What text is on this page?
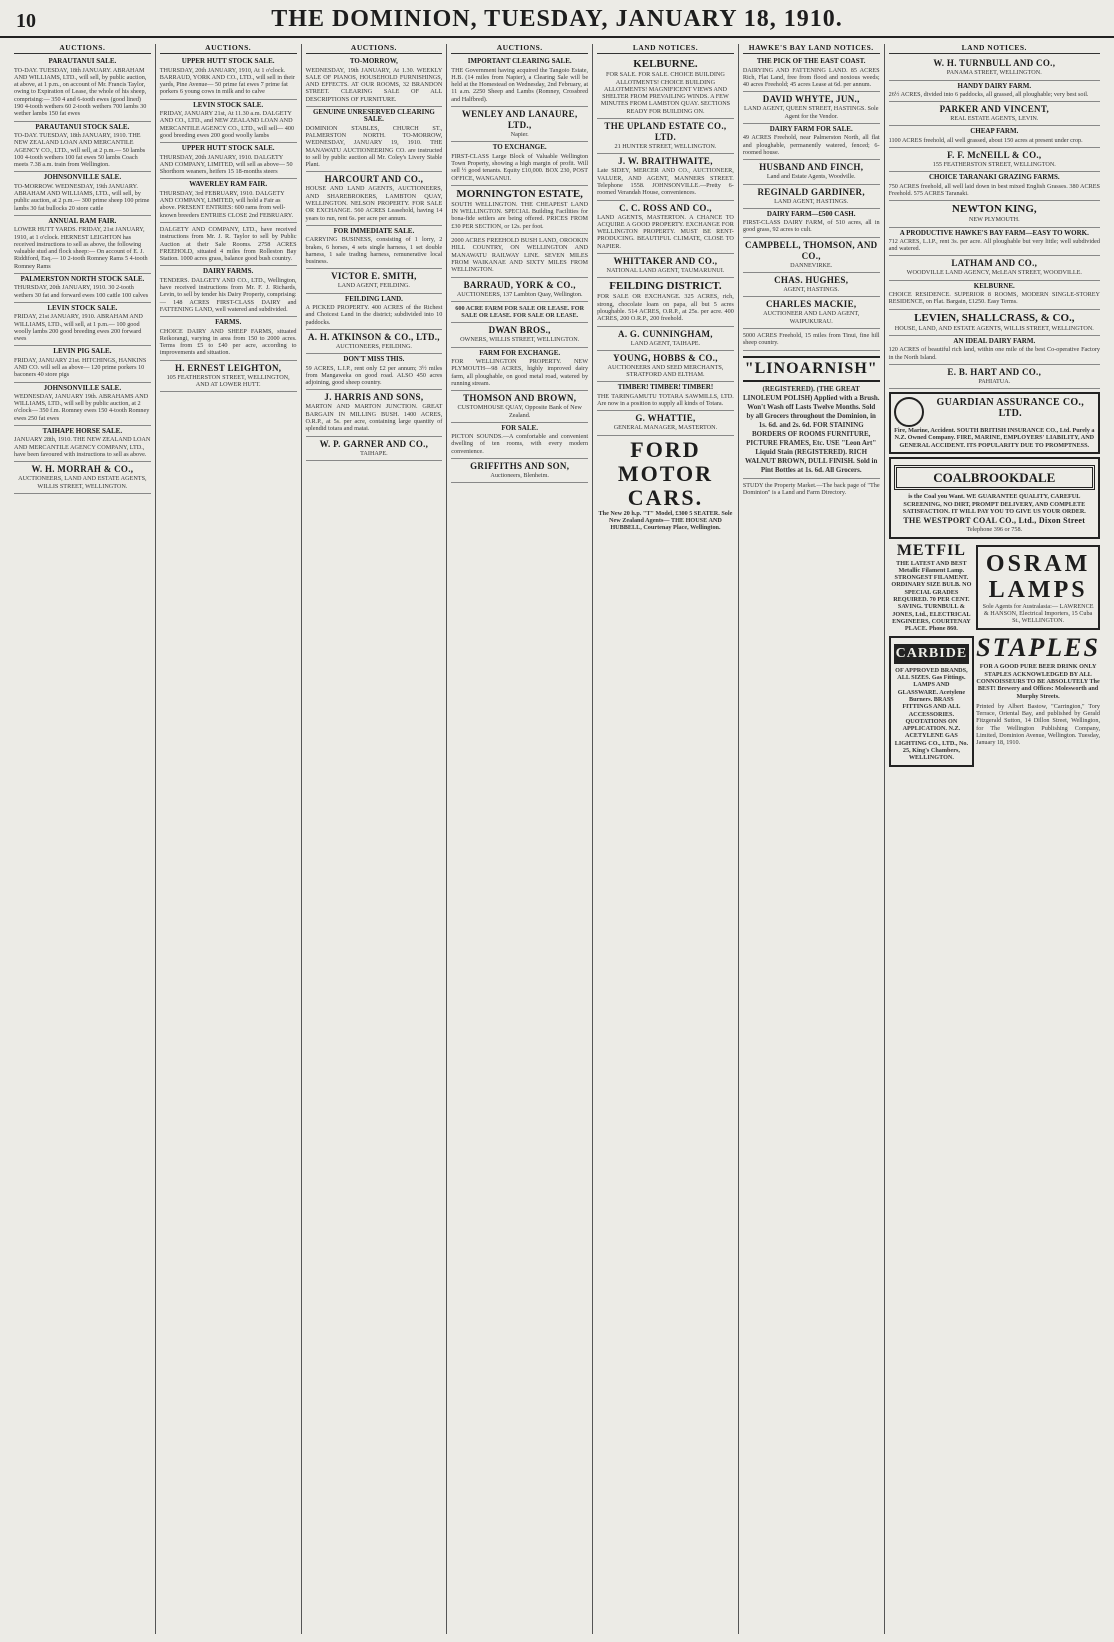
10	THE DOMINION, TUESDAY, JANUARY 18, 1910.
AUCTIONS.
PARAUTANUI SALE.
TO-DAY. TUESDAY, 18th JANUARY. ABRAHAM AND WILLIAMS, LTD., will sell, by public auction, at above, at 1 p.m., on account of Mr. Francis Taylor, owing to Expiration of Lease, the whole of his sheep, comprising:— 350 4 and 6-tooth ewes (good lined) 190 4-tooth wethers 60 2-tooth wethers 700 lambs 30 wether lambs 150 fat ewes
PARAUTANUI STOCK SALE.
TO-DAY. TUESDAY, 18th JANUARY, 1910. THE NEW ZEALAND LOAN AND MERCANTILE AGENCY CO., LTD., will sell, at 2 p.m.— 50 lambs 100 4-tooth wethers 100 fat ewes 50 lambs Coach meets 7.38 a.m. train from Wellington.
JOHNSONVILLE SALE.
TO-MORROW. WEDNESDAY, 19th JANUARY. ABRAHAM AND WILLIAMS, LTD., will sell, by public auction, at 2 p.m.— 300 prime sheep 100 prime lambs 30 fat bullocks 20 store cattle
ANNUAL RAM FAIR.
LOWER HUTT YARDS. FRIDAY, 21st JANUARY, 1910, at 1 o'clock. HERNEST LEIGHTON has received instructions to sell as above, the following valuable stud and flock sheep:— On account of E. J. Riddiford, Esq.— 10 2-tooth Romney Rams 5 4-tooth Romney Rams
PALMERSTON NORTH STOCK SALE.
THURSDAY, 20th JANUARY, 1910. 30 2-tooth wethers 30 fat and forward ewes 100 cattle 100 calves
LEVIN STOCK SALE.
FRIDAY, 21st JANUARY, 1910. ABRAHAM AND WILLIAMS, LTD., will sell, at 1 p.m.— 100 good woolly lambs 200 good breeding ewes 200 forward ewes
LEVIN PIG SALE.
FRIDAY, JANUARY 21st. HITCHINGS, HANKINS AND CO. will sell as above— 120 prime porkers 10 baconers 40 store pigs
JOHNSONVILLE SALE.
WEDNESDAY, JANUARY 19th. ABRAHAMS AND WILLIAMS, LTD., will sell by public auction, at 2 o'clock— 350 f.m. Romney ewes 150 4-tooth Romney ewes 250 fat ewes
TAIHAPE HORSE SALE.
JANUARY 28th, 1910. THE NEW ZEALAND LOAN AND MERCANTILE AGENCY COMPANY, LTD., have been favoured with instructions to sell as above.
W. H. MORRAH & CO.,
AUCTIONEERS, LAND AND ESTATE AGENTS, WILLIS STREET, WELLINGTON.
AUCTIONS.
UPPER HUTT STOCK SALE.
THURSDAY, 20th JANUARY, 1910, At 1 o'clock. BARRAUD, YORK AND CO., LTD., will sell in their yards, Pine Avenue— 50 prime fat ewes 7 prime fat porkers 6 young cows in milk and to calve
LEVIN STOCK SALE.
FRIDAY, JANUARY 21st, At 11.30 a.m. DALGETY AND CO., LTD., and NEW ZEALAND LOAN AND MERCANTILE AGENCY CO., LTD., will sell— 400 good breeding ewes 200 good woolly lambs
UPPER HUTT STOCK SALE.
THURSDAY, 20th JANUARY, 1910. DALGETY AND COMPANY, LIMITED, will sell as above— 50 Shorthorn weaners, heifers 15 18-months steers
WAVERLEY RAM FAIR.
THURSDAY, 3rd FEBRUARY, 1910. DALGETY AND COMPANY, LIMITED, will hold a Fair as above. PRESENT ENTRIES: 600 rams from well-known breeders ENTRIES CLOSE 2nd FEBRUARY.
DALGETY AND COMPANY, LTD., have received instructions from Mr. J. R. Taylor to sell by Public Auction at their Sale Rooms. 2758 ACRES FREEHOLD, situated 4 miles from Rolleston Bay Station. 1000 acres grass, balance good bush country.
DAIRY FARMS.
TENDERS. DALGETY AND CO., LTD., Wellington, have received instructions from Mr. F. J. Richards, Levin, to sell by tender his Dairy Property, comprising:— 148 ACRES FIRST-CLASS DAIRY and FATTENING LAND, well watered and subdivided.
FARMS.
CHOICE DAIRY AND SHEEP FARMS, situated Reikorangi, varying in area from 150 to 2000 acres. Terms from £5 to £40 per acre, according to improvements and situation.
H. ERNEST LEIGHTON,
105 FEATHERSTON STREET, WELLINGTON, AND AT LOWER HUTT.
AUCTIONS.
TO-MORROW,
WEDNESDAY, 19th JANUARY, At 1.30. WEEKLY SALE OF PIANOS, HOUSEHOLD FURNISHINGS, AND EFFECTS. AT OUR ROOMS, 32 BRANDON STREET. CLEARING SALE OF ALL DESCRIPTIONS OF FURNITURE.
GENUINE UNRESERVED CLEARING SALE.
DOMINION STABLES, CHURCH ST., PALMERSTON NORTH. TO-MORROW, WEDNESDAY, JANUARY 19, 1910. THE MANAWATU AUCTIONEERING CO. are instructed to sell by public auction all Mr. Coley's Livery Stable Plant.
HARCOURT AND CO.,
HOUSE AND LAND AGENTS, AUCTIONEERS, AND SHAREBROKERS, LAMBTON QUAY, WELLINGTON. NELSON PROPERTY. FOR SALE OR EXCHANGE. 560 ACRES Leasehold, having 14 years to run, rent 6s. per acre per annum.
FOR IMMEDIATE SALE.
CARRYING BUSINESS, consisting of 1 lorry, 2 brakes, 6 horses, 4 sets single harness, 1 set double harness, 1 sale trading harness, remunerative local business.
VICTOR E. SMITH,
LAND AGENT, FEILDING.
FEILDING LAND.
A PICKED PROPERTY. 400 ACRES of the Richest and Choicest Land in the district; subdivided into 10 paddocks.
A. H. ATKINSON & CO., LTD.,
AUCTIONEERS, FEILDING.
DON'T MISS THIS.
59 ACRES, L.I.P., rent only £2 per annum; 3½ miles from Mangaweka on good road. ALSO 450 acres adjoining, good sheep country.
J. HARRIS AND SONS,
MARTON AND MARTON JUNCTION. GREAT BARGAIN IN MILLING BUSH. 1400 ACRES, O.R.P., at 5s. per acre, containing large quantity of splendid totara and matai.
W. P. GARNER AND CO.,
TAIHAPE.
AUCTIONS.
IMPORTANT CLEARING SALE.
THE Government having acquired the Tangoio Estate, H.B. (14 miles from Napier), a Clearing Sale will be held at the Homestead on Wednesday, 2nd February, at 11 a.m. 2250 Sheep and Lambs (Romney, Crossbred and Halfbred).
WENLEY AND LANAURE, LTD.,
Napier.
TO EXCHANGE.
FIRST-CLASS Large Block of Valuable Wellington Town Property, showing a high margin of profit. Will sell ½ good tenants. Equity £10,000. BOX 230, POST OFFICE, WANGANUI.
MORNINGTON ESTATE,
SOUTH WELLINGTON. THE CHEAPEST LAND IN WELLINGTON. SPECIAL Building Facilities for bona-fide settlers are being offered. PRICES FROM £30 PER SECTION, or 12s. per foot.
2000 ACRES FREEHOLD BUSH LAND, OROOKIN HILL COUNTRY, ON WELLINGTON AND MANAWATU RAILWAY LINE. SEVEN MILES FROM WAIKANAE AND SIXTY MILES FROM WELLINGTON.
BARRAUD, YORK & CO.,
AUCTIONEERS, 137 Lambton Quay, Wellington.
600 ACRE FARM FOR SALE OR LEASE. FOR SALE OR LEASE. FOR SALE OR LEASE.
DWAN BROS.,
OWNERS, WILLIS STREET, WELLINGTON.
FARM FOR EXCHANGE.
FOR WELLINGTON PROPERTY. NEW PLYMOUTH—98 ACRES, highly improved dairy farm, all ploughable, on good metal road, watered by running stream.
THOMSON AND BROWN,
CUSTOMHOUSE QUAY, Opposite Bank of New Zealand.
FOR SALE.
PICTON SOUNDS.—A comfortable and convenient dwelling of ten rooms, with every modern convenience.
GRIFFITHS AND SON,
Auctioneers, Blenheim.
LAND NOTICES.
KELBURNE.
FOR SALE. FOR SALE. CHOICE BUILDING ALLOTMENTS! CHOICE BUILDING ALLOTMENTS! MAGNIFICENT VIEWS AND SHELTER FROM PREVAILING WINDS. A FEW MINUTES FROM LAMBTON QUAY. SECTIONS READY FOR BUILDING ON.
THE UPLAND ESTATE CO., LTD.
21 HUNTER STREET, WELLINGTON.
J. W. BRAITHWAITE,
Late SIDEY, MERCER AND CO., AUCTIONEER, VALUER, AND AGENT, MANNERS STREET. Telephone 1558. JOHNSONVILLE.—Pretty 6-roomed Verandah House, conveniences.
C. C. ROSS AND CO.,
LAND AGENTS, MASTERTON. A CHANCE TO ACQUIRE A GOOD PROPERTY. EXCHANGE FOR WELLINGTON PROPERTY. MUST BE RENT-PRODUCING. BEAUTIFUL CLIMATE, CLOSE TO NAPIER.
WHITTAKER AND CO.,
NATIONAL LAND AGENT, TAUMARUNUI.
FEILDING DISTRICT.
FOR SALE OR EXCHANGE. 325 ACRES, rich, strong, chocolate loam on papa, all but 5 acres ploughable. 514 ACRES, O.R.P., at 25s. per acre. 400 ACRES, 200 O.R.P., 200 freehold.
A. G. CUNNINGHAM,
LAND AGENT, TAIHAPE.
YOUNG, HOBBS & CO.,
AUCTIONEERS AND SEED MERCHANTS, STRATFORD AND ELTHAM.
TIMBER! TIMBER! TIMBER!
THE TARINGAMUTU TOTARA SAWMILLS, LTD. Are now in a position to supply all kinds of Totara.
G. WHATTIE,
GENERAL MANAGER, MASTERTON.
FORD MOTOR CARS.
The New 20 h.p. "T" Model, £300 5 SEATER. Sole New Zealand Agents— THE HOUSE AND HUBBELL, Courtenay Place, Wellington.
HAWKE'S BAY LAND NOTICES.
THE PICK OF THE EAST COAST.
DAIRYING AND FATTENING LAND. 85 ACRES Rich, Flat Land, free from flood and noxious weeds; 40 acres Freehold; 45 acres Lease at 6d. per annum.
DAVID WHYTE, JUN.,
LAND AGENT, QUEEN STREET, HASTINGS. Sole Agent for the Vendor.
DAIRY FARM FOR SALE.
49 ACRES Freehold, near Palmerston North, all flat and ploughable, permanently watered, fenced; 6-roomed house.
HUSBAND AND FINCH,
Land and Estate Agents, Woodville.
REGINALD GARDINER,
LAND AGENT, HASTINGS.
DAIRY FARM—£500 CASH.
FIRST-CLASS DAIRY FARM, of 510 acres, all in good grass, 92 acres to cult.
CAMPBELL, THOMSON, AND CO.,
DANNEVIRKE.
CHAS. HUGHES,
AGENT, HASTINGS.
CHARLES MACKIE,
AUCTIONEER AND LAND AGENT, WAIPUKURAU.
5000 ACRES Freehold, 15 miles from Tinui, fine hill sheep country.
"LINOARNISH"
(REGISTERED). (THE GREAT LINOLEUM POLISH) Applied with a Brush. Won't Wash off Lasts Twelve Months. Sold by all Grocers throughout the Dominion, in 1s. 6d. and 2s. 6d. FOR STAINING BORDERS OF ROOMS FURNITURE, PICTURE FRAMES, Etc. USE "Leon Art" Liquid Stain (REGISTERED). RICH WALNUT BROWN, DULL FINISH. Sold in Pint Bottles at 1s. 6d. All Grocers.
STUDY the Property Market.—The back page of "The Dominion" is a Land and Farm Directory.
LAND NOTICES.
W. H. TURNBULL AND CO.,
PANAMA STREET, WELLINGTON.
HANDY DAIRY FARM.
26½ ACRES, divided into 6 paddocks, all grassed, all ploughable; very best soil.
PARKER AND VINCENT,
REAL ESTATE AGENTS, LEVIN.
CHEAP FARM.
1100 ACRES freehold, all well grassed, about 150 acres at present under crop.
F. F. McNEILL & CO.,
155 FEATHERSTON STREET, WELLINGTON.
CHOICE TARANAKI GRAZING FARMS.
750 ACRES freehold, all well laid down in best mixed English Grasses. 380 ACRES Freehold. 575 ACRES Taranaki.
NEWTON KING,
NEW PLYMOUTH.
A PRODUCTIVE HAWKE'S BAY FARM—EASY TO WORK.
712 ACRES, L.I.P., rent 3s. per acre. All ploughable but very little; well subdivided and watered.
LATHAM AND CO.,
WOODVILLE LAND AGENCY, McLEAN STREET, WOODVILLE.
KELBURNE.
CHOICE RESIDENCE. SUPERIOR 8 ROOMS, MODERN SINGLE-STOREY RESIDENCE, on Flat. Bargain, £1250. Easy Terms.
LEVIEN, SHALLCRASS, & CO.,
HOUSE, LAND, AND ESTATE AGENTS, WILLIS STREET, WELLINGTON.
AN IDEAL DAIRY FARM.
120 ACRES of beautiful rich land, within one mile of the best Co-operative Factory in the North Island.
E. B. HART AND CO.,
PAHIATUA.
GUARDIAN ASSURANCE CO., LTD.
Fire, Marine, Accident. SOUTH BRITISH INSURANCE CO., Ltd. Purely a N.Z. Owned Company. FIRE, MARINE, EMPLOYERS' LIABILITY, AND GENERAL ACCIDENT. ITS POPULARITY DUE TO PROMPTNESS.
COALBROOKDALE
is the Coal you Want. WE GUARANTEE QUALITY, CAREFUL SCREENING, NO DIRT, PROMPT DELIVERY, AND COMPLETE SATISFACTION. IT WILL PAY YOU TO GIVE US YOUR ORDER.
THE WESTPORT COAL CO., Ltd., Dixon Street
Telephone 396 or 758.
METFIL
THE LATEST AND BEST Metallic Filament Lamp. STRONGEST FILAMENT. ORDINARY SIZE BULB. NO SPECIAL GRADES REQUIRED. 70 PER CENT. SAVING. TURNBULL & JONES, Ltd., ELECTRICAL ENGINEERS, COURTENAY PLACE. Phone 860.
CARBIDE
OF APPROVED BRANDS, ALL SIZES. Gas Fittings. LAMPS AND GLASSWARE. Acetylene Burners. BRASS FITTINGS AND ALL ACCESSORIES. QUOTATIONS ON APPLICATION. N.Z. ACETYLENE GAS LIGHTING CO., LTD., No. 25, King's Chambers, WELLINGTON.
OSRAM LAMPS
Sole Agents for Australasia:— LAWRENCE & HANSON, Electrical Importers, 15 Cuba St., WELLINGTON.
STAPLES
FOR A GOOD PURE BEER DRINK ONLY STAPLES ACKNOWLEDGED BY ALL CONNOISSEURS TO BE ABSOLUTELY The BEST! Brewery and Offices: Molesworth and Murphy Streets.
Printed by Albert Bastow, "Carrington," Tory Terrace, Oriental Bay, and published by Gerald Fitzgerald Sutton, 14 Dillon Street, Wellington, for The Wellington Publishing Company, Limited, Dominion Avenue, Wellington. Tuesday, January 18, 1910.
